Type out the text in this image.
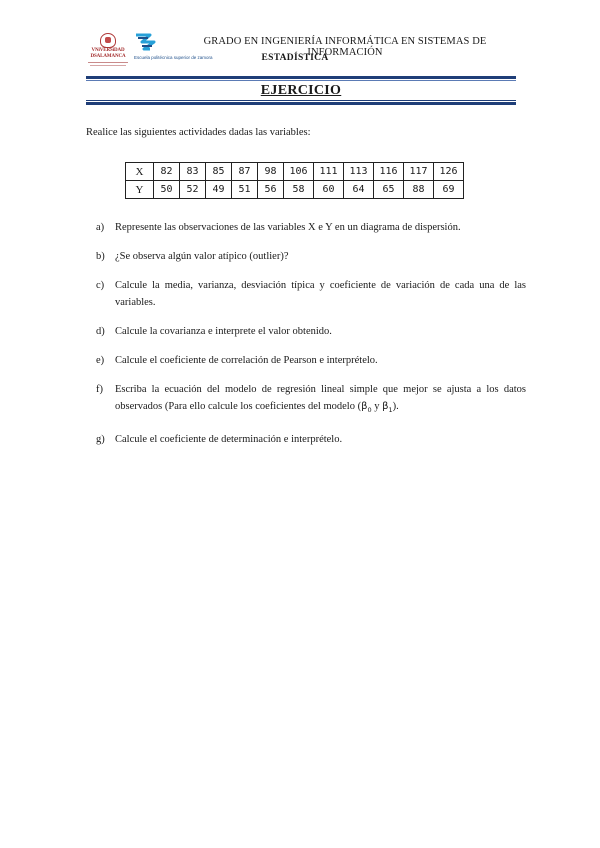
VNiVERSiDAD DSALAMANCA	Escuela politécnica superior de zamora
GRADO EN INGENIERÍA INFORMÁTICA EN SISTEMAS DE INFORMACIÓN
ESTADÍSTICA
EJERCICIO
Realice las siguientes actividades dadas las variables:
X	82	83	85	87	98	106	111	113	116	117	126
Y	50	52	49	51	56	58	60	64	65	88	69
a) Represente las observaciones de las variables X e Y en un diagrama de dispersión.
b) ¿Se observa algún valor atípico (outlier)?
c) Calcule la media, varianza, desviación típica y coeficiente de variación de cada una de las variables.
d) Calcule la covarianza e interprete el valor obtenido.
e) Calcule el coeficiente de correlación de Pearson e interprételo.
f) Escriba la ecuación del modelo de regresión lineal simple que mejor se ajusta a los datos observados (Para ello calcule los coeficientes del modelo ($\beta_0$ y $\beta_1$).
g) Calcule el coeficiente de determinación e interprételo.
